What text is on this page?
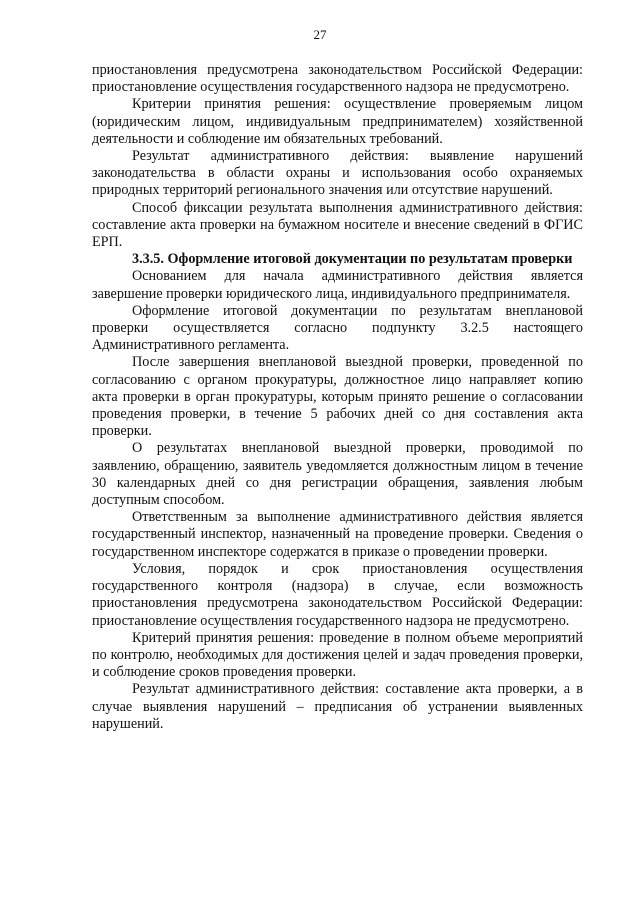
27

приостановления предусмотрена законодательством Российской Федерации: приостановление осуществления государственного надзора не предусмотрено.

Критерии принятия решения: осуществление проверяемым лицом (юридическим лицом, индивидуальным предпринимателем) хозяйственной деятельности и соблюдение им обязательных требований.

Результат административного действия: выявление нарушений законодательства в области охраны и использования особо охраняемых природных территорий регионального значения или отсутствие нарушений.

Способ фиксации результата выполнения административного действия: составление акта проверки на бумажном носителе и внесение сведений в ФГИС ЕРП.

3.3.5. Оформление итоговой документации по результатам проверки

Основанием для начала административного действия является завершение проверки юридического лица, индивидуального предпринимателя.

Оформление итоговой документации по результатам внеплановой проверки осуществляется согласно подпункту 3.2.5 настоящего Административного регламента.

После завершения внеплановой выездной проверки, проведенной по согласованию с органом прокуратуры, должностное лицо направляет копию акта проверки в орган прокуратуры, которым принято решение о согласовании проведения проверки, в течение 5 рабочих дней со дня составления акта проверки.

О результатах внеплановой выездной проверки, проводимой по заявлению, обращению, заявитель уведомляется должностным лицом в течение 30 календарных дней со дня регистрации обращения, заявления любым доступным способом.

Ответственным за выполнение административного действия является государственный инспектор, назначенный на проведение проверки. Сведения о государственном инспекторе содержатся в приказе о проведении проверки.

Условия, порядок и срок приостановления осуществления государственного контроля (надзора) в случае, если возможность приостановления предусмотрена законодательством Российской Федерации: приостановление осуществления государственного надзора не предусмотрено.

Критерий принятия решения: проведение в полном объеме мероприятий по контролю, необходимых для достижения целей и задач проведения проверки, и соблюдение сроков проведения проверки.

Результат административного действия: составление акта проверки, а в случае выявления нарушений – предписания об устранении выявленных нарушений.
